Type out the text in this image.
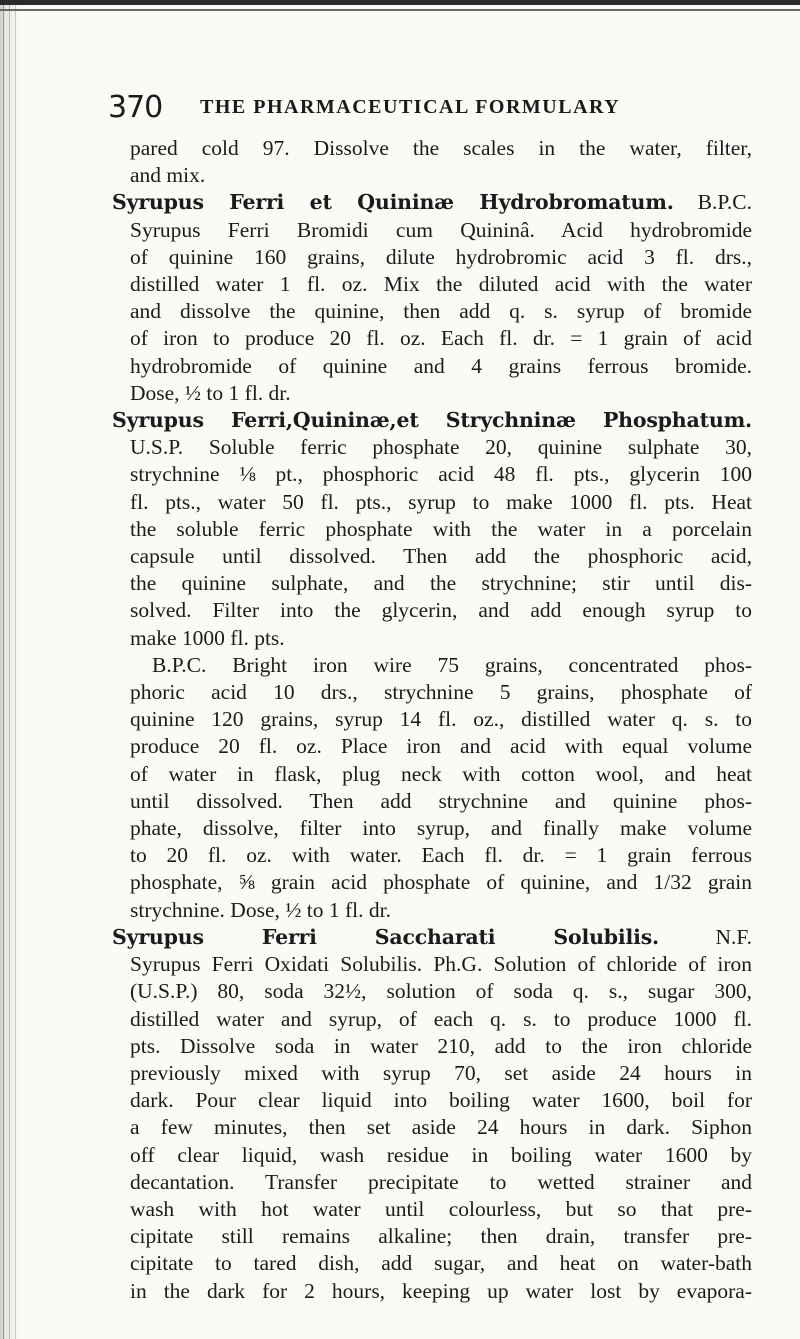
370 THE PHARMACEUTICAL FORMULARY
pared cold 97. Dissolve the scales in the water, filter,
and mix.
Syrupus Ferri et Quininæ Hydrobromatum. B.P.C.
Syrupus Ferri Bromidi cum Quininâ. Acid hydrobromide
of quinine 160 grains, dilute hydrobromic acid 3 fl. drs.,
distilled water 1 fl. oz. Mix the diluted acid with the water
and dissolve the quinine, then add q. s. syrup of bromide
of iron to produce 20 fl. oz. Each fl. dr. = 1 grain of acid
hydrobromide of quinine and 4 grains ferrous bromide.
Dose, ½ to 1 fl. dr.
Syrupus Ferri,Quininæ,et Strychninæ Phosphatum.
U.S.P. Soluble ferric phosphate 20, quinine sulphate 30,
strychnine ⅛ pt., phosphoric acid 48 fl. pts., glycerin 100
fl. pts., water 50 fl. pts., syrup to make 1000 fl. pts. Heat
the soluble ferric phosphate with the water in a porcelain
capsule until dissolved. Then add the phosphoric acid,
the quinine sulphate, and the strychnine; stir until dis-
solved. Filter into the glycerin, and add enough syrup to
make 1000 fl. pts.
B.P.C. Bright iron wire 75 grains, concentrated phos-
phoric acid 10 drs., strychnine 5 grains, phosphate of
quinine 120 grains, syrup 14 fl. oz., distilled water q. s. to
produce 20 fl. oz. Place iron and acid with equal volume
of water in flask, plug neck with cotton wool, and heat
until dissolved. Then add strychnine and quinine phos-
phate, dissolve, filter into syrup, and finally make volume
to 20 fl. oz. with water. Each fl. dr. = 1 grain ferrous
phosphate, ⅝ grain acid phosphate of quinine, and 1/32 grain
strychnine. Dose, ½ to 1 fl. dr.
Syrupus Ferri Saccharati Solubilis.	N.F.
Syrupus Ferri Oxidati Solubilis. Ph.G. Solution of chloride of iron
(U.S.P.) 80, soda 32½, solution of soda q. s., sugar 300,
distilled water and syrup, of each q. s. to produce 1000 fl.
pts. Dissolve soda in water 210, add to the iron chloride
previously mixed with syrup 70, set aside 24 hours in
dark. Pour clear liquid into boiling water 1600, boil for
a few minutes, then set aside 24 hours in dark. Siphon
off clear liquid, wash residue in boiling water 1600 by
decantation. Transfer precipitate to wetted strainer and
wash with hot water until colourless, but so that pre-
cipitate still remains alkaline; then drain, transfer pre-
cipitate to tared dish, add sugar, and heat on water-bath
in the dark for 2 hours, keeping up water lost by evapora-
